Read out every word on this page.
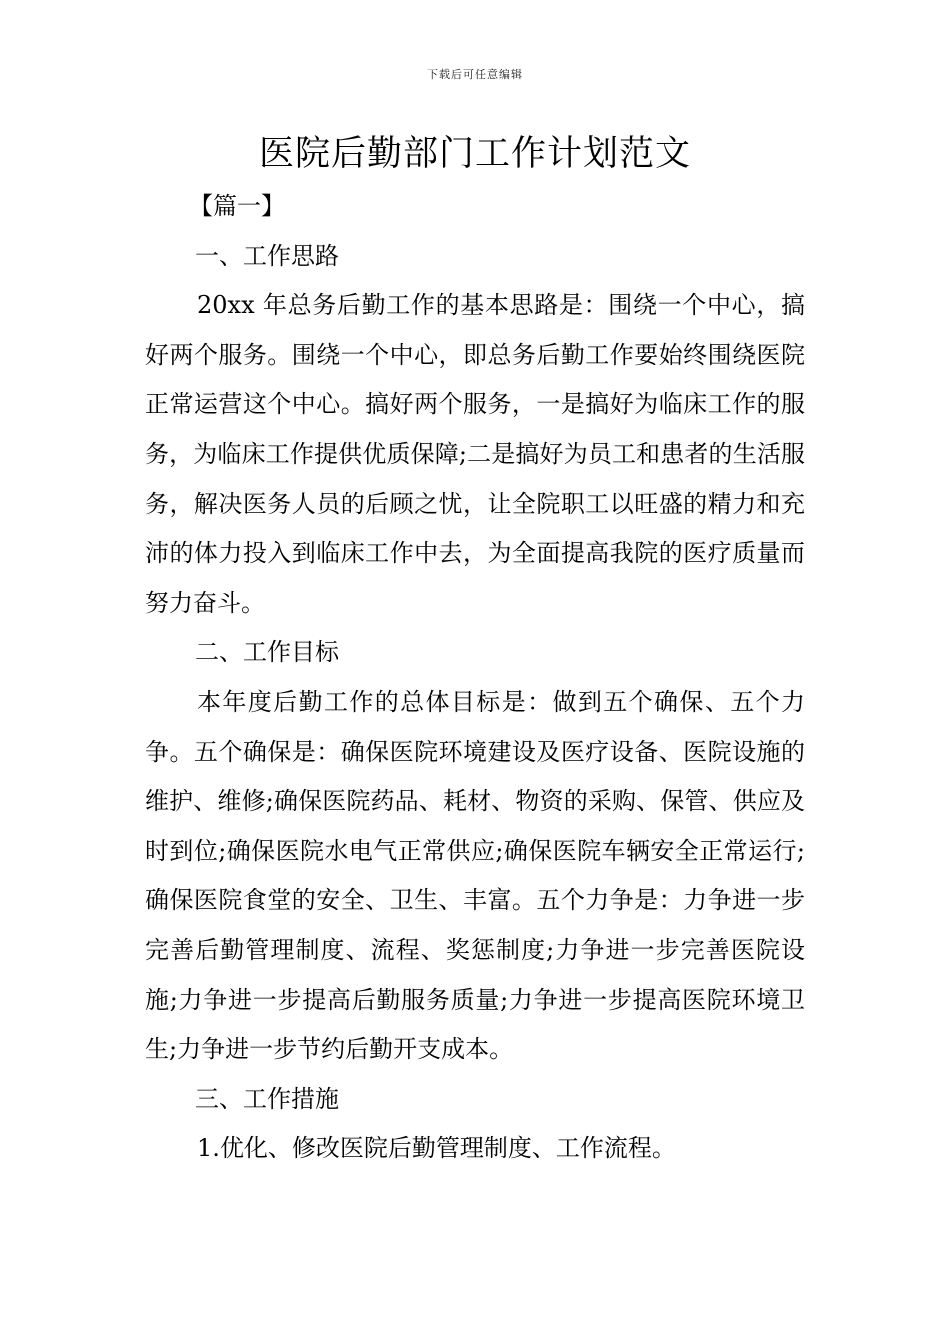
下载后可任意编辑
医院后勤部门工作计划范文

【篇一】

一、工作思路

20xx 年总务后勤工作的基本思路是：围绕一个中心，搞好两个服务。围绕一个中心，即总务后勤工作要始终围绕医院正常运营这个中心。搞好两个服务，一是搞好为临床工作的服务，为临床工作提供优质保障;二是搞好为员工和患者的生活服务，解决医务人员的后顾之忧，让全院职工以旺盛的精力和充沛的体力投入到临床工作中去，为全面提高我院的医疗质量而努力奋斗。

二、工作目标

本年度后勤工作的总体目标是：做到五个确保、五个力争。五个确保是：确保医院环境建设及医疗设备、医院设施的维护、维修;确保医院药品、耗材、物资的采购、保管、供应及时到位;确保医院水电气正常供应;确保医院车辆安全正常运行;确保医院食堂的安全、卫生、丰富。五个力争是：力争进一步完善后勤管理制度、流程、奖惩制度;力争进一步完善医院设施;力争进一步提高后勤服务质量;力争进一步提高医院环境卫生;力争进一步节约后勤开支成本。

三、工作措施

1.优化、修改医院后勤管理制度、工作流程。
